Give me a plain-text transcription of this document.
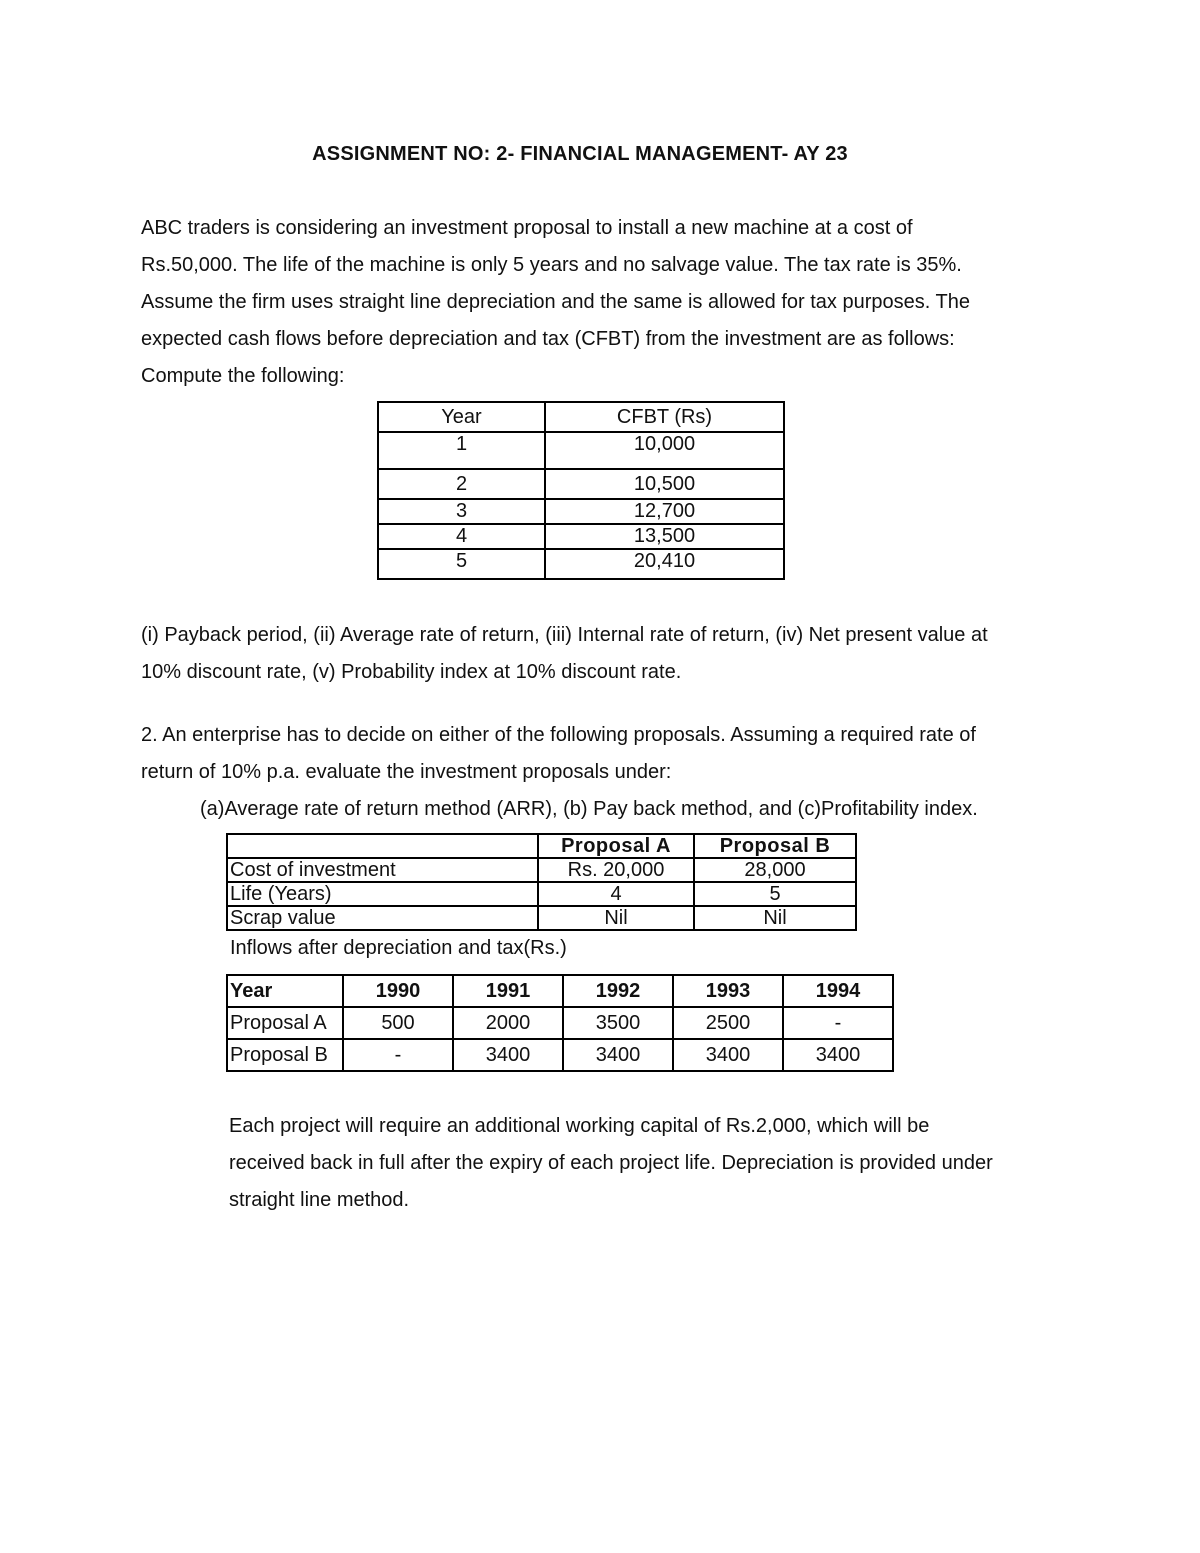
ASSIGNMENT NO: 2- FINANCIAL MANAGEMENT- AY 23

ABC traders is considering an investment proposal to install a new machine at a cost of

Rs.50,000. The life of the machine is only 5 years and no salvage value. The tax rate is 35%.

Assume the firm uses straight line depreciation and the same is allowed for tax purposes. The

expected cash flows before depreciation and tax (CFBT) from the investment are as follows:

Compute the following:

Year	CFBT (Rs)
1	10,000
2	10,500
3	12,700
4	13,500
5	20,410

(i) Payback period, (ii) Average rate of return, (iii) Internal rate of return, (iv) Net present value at

10% discount rate, (v) Probability index at 10% discount rate.

2. An enterprise has to decide on either of the following proposals. Assuming a required rate of

return of 10% p.a. evaluate the investment proposals under:

(a)Average rate of return method (ARR), (b) Pay back method, and (c)Profitability index.
	Proposal A	Proposal B
Cost of investment	Rs. 20,000	28,000
Life (Years)	4	5
Scrap value	Nil	Nil
Inflows after depreciation and tax(Rs.)
Year	1990	1991	1992	1993	1994
Proposal A	500	2000	3500	2500	-
Proposal B	-	3400	3400	3400	3400

Each project will require an additional working capital of Rs.2,000, which will be

received back in full after the expiry of each project life. Depreciation is provided under

straight line method.
